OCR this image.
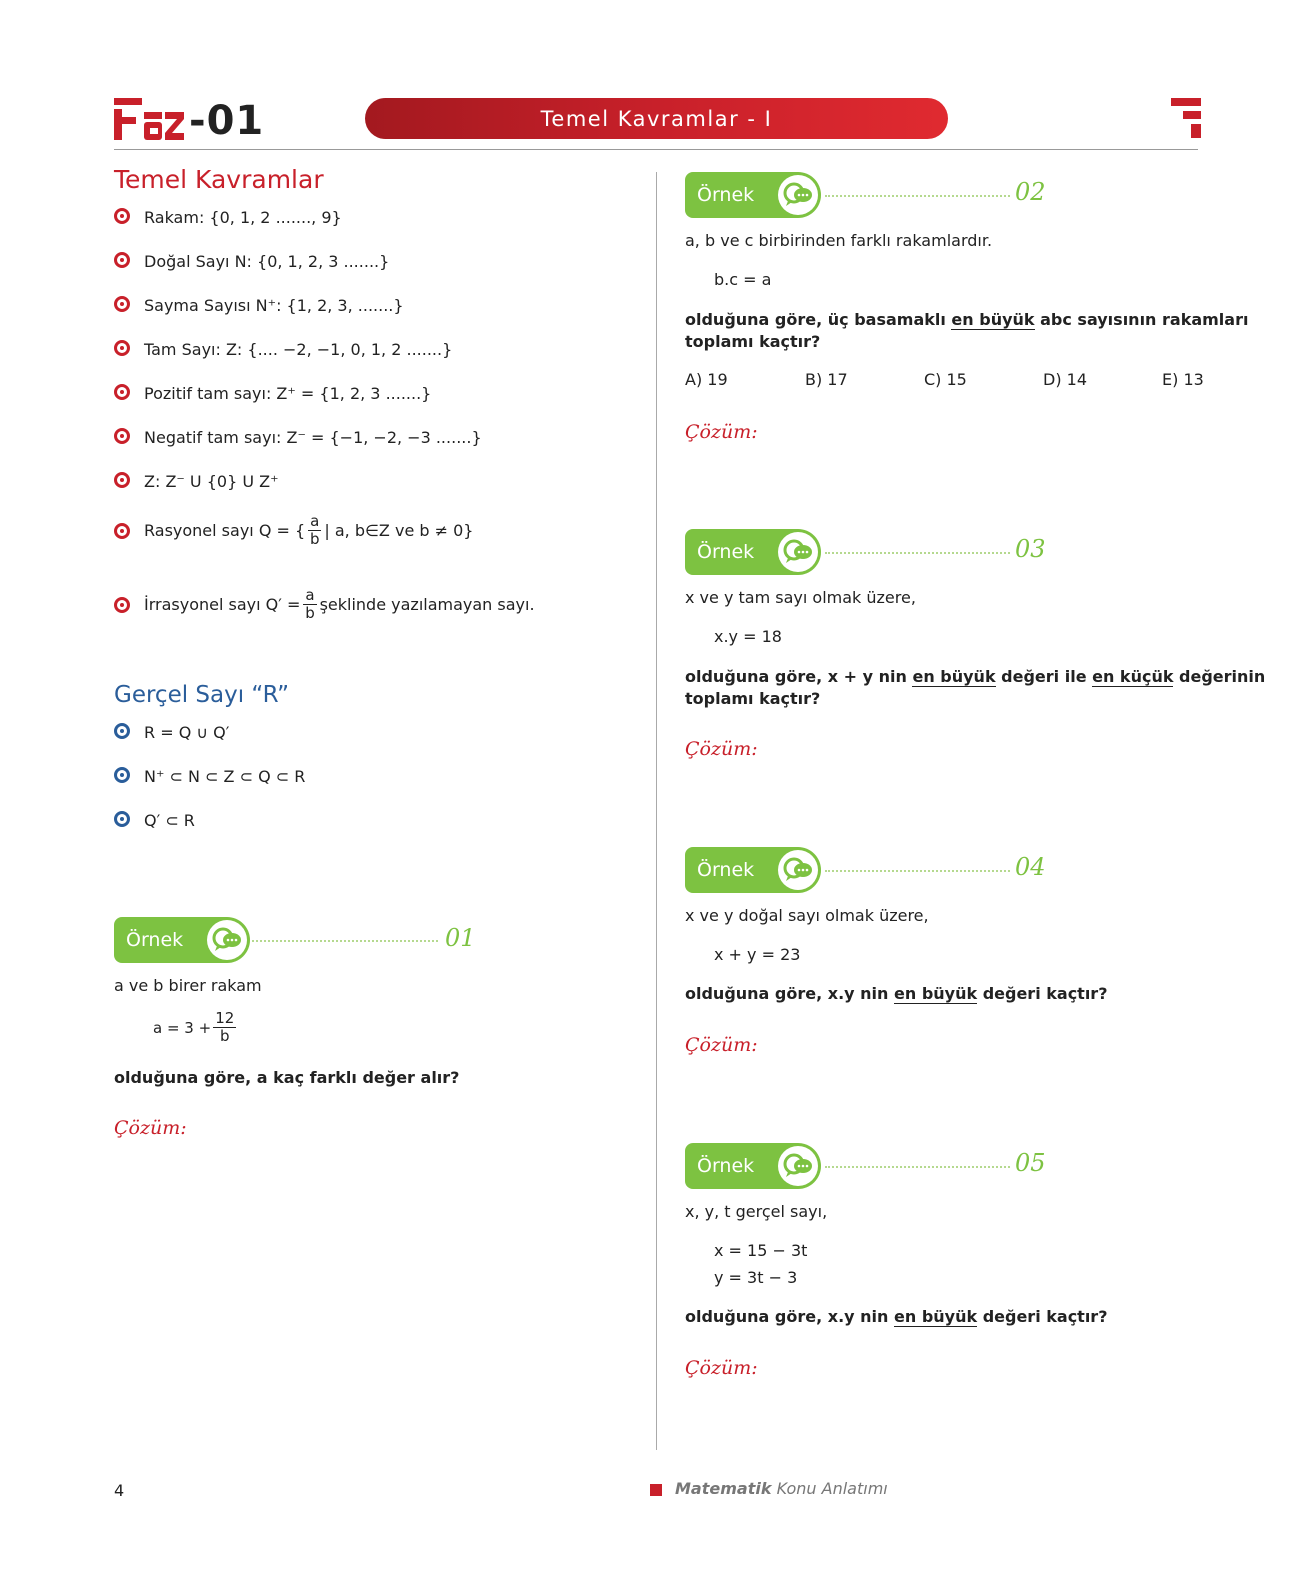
Faz -01	Temel Kavramlar - I
Temel Kavramlar
Rakam: {0, 1, 2 ......., 9}
Doğal Sayı N: {0, 1, 2, 3 .......}
Sayma Sayısı N⁺: {1, 2, 3, .......}
Tam Sayı: Z: {.... −2, −1, 0, 1, 2 .......}
Pozitif tam sayı: Z⁺ = {1, 2, 3 .......}
Negatif tam sayı: Z⁻ = {−1, −2, −3 .......}
Z: Z⁻ U {0} U Z⁺
Rasyonel sayı Q = { $\frac{a}{b}$ | a, b∈Z ve b ≠ 0}
İrrasyonel sayı $Q' = \frac{a}{b}$ şeklinde yazılamayan sayı.
Gerçel Sayı “R”
R = Q ∪ Q′
N⁺ ⊂ N ⊂ Z ⊂ Q ⊂ R
Q′ ⊂ R
Örnek	01
a ve b birer rakam
$a = 3 + \frac{12}{b}$
olduğuna göre, a kaç farklı değer alır?
Çözüm:
Örnek	02
a, b ve c birbirinden farklı rakamlardır.
b.c = a
olduğuna göre, üç basamaklı en büyük abc sayısının rakamları
toplamı kaçtır?
A) 19	B) 17	C) 15	D) 14	E) 13
Çözüm:
Örnek	03
x ve y tam sayı olmak üzere,
x.y = 18
olduğuna göre, x + y nin en büyük değeri ile en küçük değerinin
toplamı kaçtır?
Çözüm:
Örnek	04
x ve y doğal sayı olmak üzere,
x + y = 23
olduğuna göre, x.y nin en büyük değeri kaçtır?
Çözüm:
Örnek	05
x, y, t gerçel sayı,
x = 15 − 3t
y = 3t − 3
olduğuna göre, x.y nin en büyük değeri kaçtır?
Çözüm:
4	Matematik Konu Anlatımı
